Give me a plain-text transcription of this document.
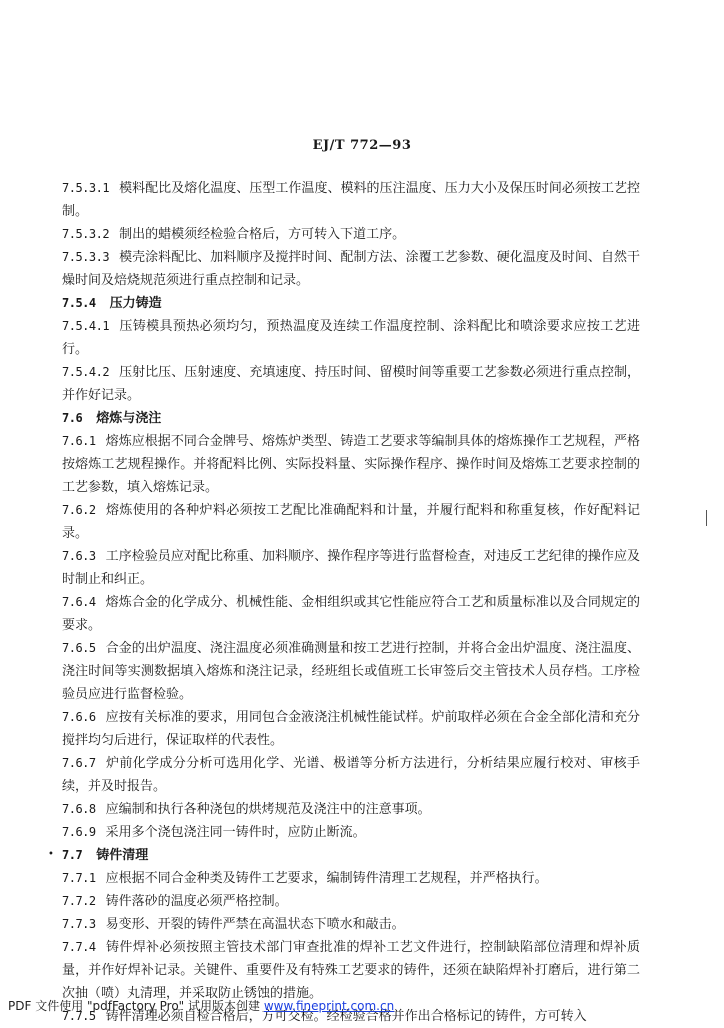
EJ/T 772—93

7.5.3.1 模料配比及熔化温度、压型工作温度、模料的压注温度、压力大小及保压时间必须按工艺控制。

7.5.3.2 制出的蜡模须经检验合格后，方可转入下道工序。

7.5.3.3 模壳涂料配比、加料顺序及搅拌时间、配制方法、涂覆工艺参数、硬化温度及时间、自然干燥时间及焙烧规范须进行重点控制和记录。

7.5.4 压力铸造

7.5.4.1 压铸模具预热必须均匀，预热温度及连续工作温度控制、涂料配比和喷涂要求应按工艺进行。

7.5.4.2 压射比压、压射速度、充填速度、持压时间、留模时间等重要工艺参数必须进行重点控制，并作好记录。

7.6 熔炼与浇注

7.6.1 熔炼应根据不同合金牌号、熔炼炉类型、铸造工艺要求等编制具体的熔炼操作工艺规程，严格按熔炼工艺规程操作。并将配料比例、实际投料量、实际操作程序、操作时间及熔炼工艺要求控制的工艺参数，填入熔炼记录。

7.6.2 熔炼使用的各种炉料必须按工艺配比准确配料和计量，并履行配料和称重复核，作好配料记录。

7.6.3 工序检验员应对配比称重、加料顺序、操作程序等进行监督检查，对违反工艺纪律的操作应及时制止和纠正。

7.6.4 熔炼合金的化学成分、机械性能、金相组织或其它性能应符合工艺和质量标准以及合同规定的要求。

7.6.5 合金的出炉温度、浇注温度必须准确测量和按工艺进行控制，并将合金出炉温度、浇注温度、浇注时间等实测数据填入熔炼和浇注记录，经班组长或值班工长审签后交主管技术人员存档。工序检验员应进行监督检验。

7.6.6 应按有关标准的要求，用同包合金液浇注机械性能试样。炉前取样必须在合金全部化清和充分搅拌均匀后进行，保证取样的代表性。

7.6.7 炉前化学成分分析可选用化学、光谱、极谱等分析方法进行，分析结果应履行校对、审核手续，并及时报告。

7.6.8 应编制和执行各种浇包的烘烤规范及浇注中的注意事项。

7.6.9 采用多个浇包浇注同一铸件时，应防止断流。

7.7 铸件清理

7.7.1 应根据不同合金种类及铸件工艺要求，编制铸件清理工艺规程，并严格执行。

7.7.2 铸件落砂的温度必须严格控制。

7.7.3 易变形、开裂的铸件严禁在高温状态下喷水和敲击。

7.7.4 铸件焊补必须按照主管技术部门审查批准的焊补工艺文件进行，控制缺陷部位清理和焊补质量，并作好焊补记录。关键件、重要件及有特殊工艺要求的铸件，还须在缺陷焊补打磨后，进行第二次抽（喷）丸清理，并采取防止锈蚀的措施。

7.7.5 铸件清理必须自检合格后，方可交检。经检验合格并作出合格标记的铸件，方可转入

•
PDF 文件使用 "pdfFactory Pro" 试用版本创建 www.fineprint.com.cn
